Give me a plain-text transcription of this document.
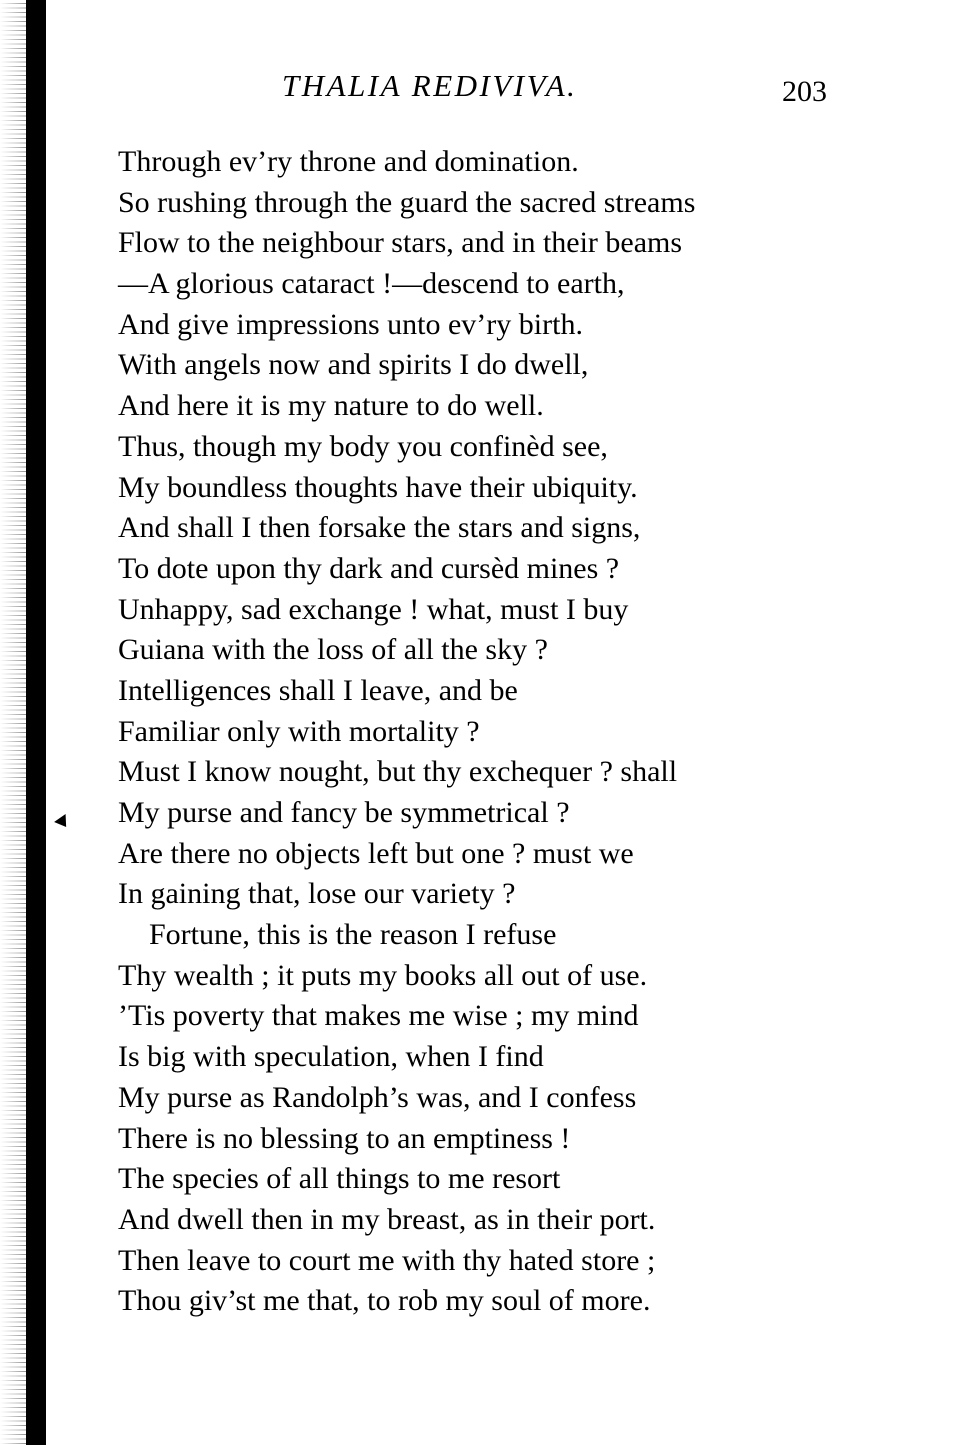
THALIA REDIVIVA.	203
Through ev’ry throne and domination.
So rushing through the guard the sacred streams
Flow to the neighbour stars, and in their beams
—A glorious cataract !—descend to earth,
And give impressions unto ev’ry birth.
With angels now and spirits I do dwell,
And here it is my nature to do well.
Thus, though my body you confinèd see,
My boundless thoughts have their ubiquity.
And shall I then forsake the stars and signs,
To dote upon thy dark and cursèd mines ?
Unhappy, sad exchange ! what, must I buy
Guiana with the loss of all the sky ?
Intelligences shall I leave, and be
Familiar only with mortality ?
Must I know nought, but thy exchequer ? shall
My purse and fancy be symmetrical ?
Are there no objects left but one ? must we
In gaining that, lose our variety ?
Fortune, this is the reason I refuse
Thy wealth ; it puts my books all out of use.
’Tis poverty that makes me wise ; my mind
Is big with speculation, when I find
My purse as Randolph’s was, and I confess
There is no blessing to an emptiness !
The species of all things to me resort
And dwell then in my breast, as in their port.
Then leave to court me with thy hated store ;
Thou giv’st me that, to rob my soul of more.
